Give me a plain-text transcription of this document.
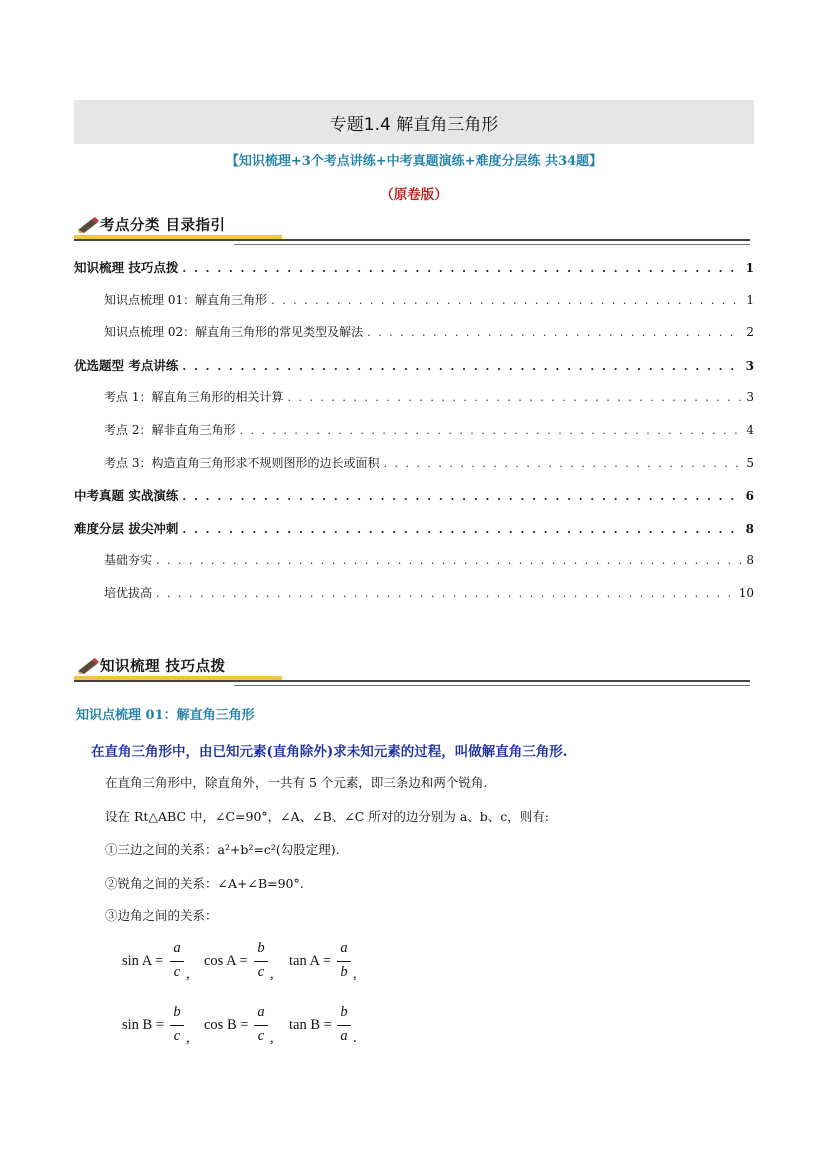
专题1.4 解直角三角形
【知识梳理+3个考点讲练+中考真题演练+难度分层练 共34题】
（原卷版）
考点分类 目录指引
知识梳理 技巧点拨 . . .	1
知识点梳理 01：解直角三角形 . . .	1
知识点梳理 02：解直角三角形的常见类型及解法 . . .	2
优选题型 考点讲练 . . .	3
考点 1：解直角三角形的相关计算 . . .	3
考点 2：解非直角三角形 . . .	4
考点 3：构造直角三角形求不规则图形的边长或面积 . . .	5
中考真题 实战演练 . . .	6
难度分层 拔尖冲刺 . . .	8
基础夯实 . . .	8
培优拔高 . . .	10
知识梳理 技巧点拨
知识点梳理 01：解直角三角形
在直角三角形中，由已知元素(直角除外)求未知元素的过程，叫做解直角三角形.
在直角三角形中，除直角外，一共有 5 个元素，即三条边和两个锐角.
设在 Rt△ABC 中，∠C=90°，∠A、∠B、∠C 所对的边分别为 a、b、c，则有:
①三边之间的关系：a²+b²=c²(勾股定理).
②锐角之间的关系：∠A+∠B=90°.
③边角之间的关系：
sin A =
a
c ,
cos A =
b
c ,
tan A =
a
b ,
sin B =
b
c ,
cos B =
a
c ,
tan B =
b
a .
